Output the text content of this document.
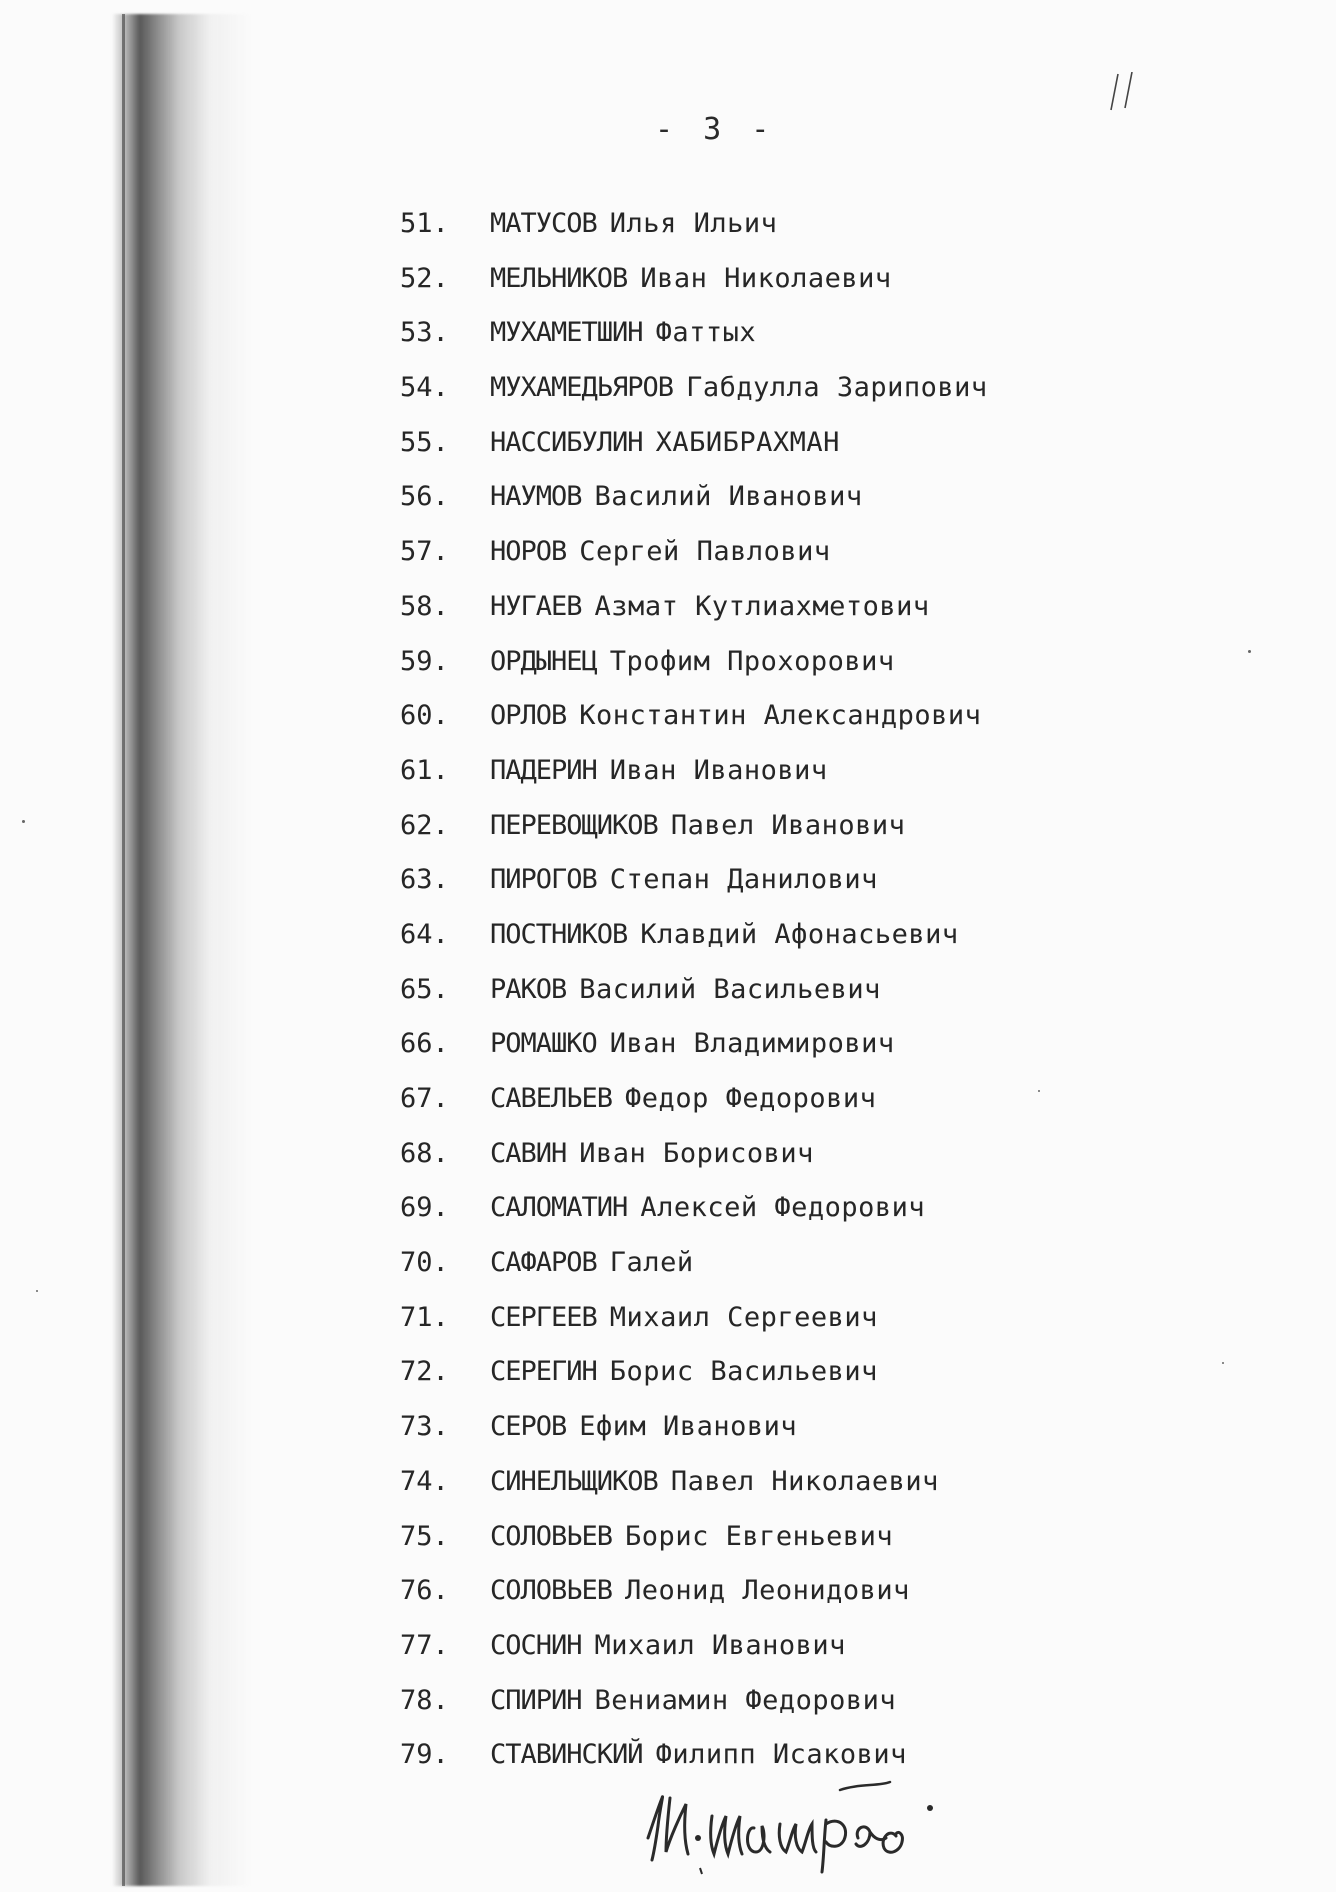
- 3 -
51.	МАТУСОВ Илья Ильич
52.	МЕЛЬНИКОВ Иван Николаевич
53.	МУХАМЕТШИН Фаттых
54.	МУХАМЕДЬЯРОВ Габдулла Зарипович
55.	НАССИБУЛИН ХАБИБРАХМАН
56.	НАУМОВ Василий Иванович
57.	НОРОВ Сергей Павлович
58.	НУГАЕВ Азмат Кутлиахметович
59.	ОРДЫНЕЦ Трофим Прохорович
60.	ОРЛОВ Константин Александрович
61.	ПАДЕРИН Иван Иванович
62.	ПЕРЕВОЩИКОВ Павел Иванович
63.	ПИРОГОВ Степан Данилович
64.	ПОСТНИКОВ Клавдий Афонасьевич
65.	РАКОВ Василий Васильевич
66.	РОМАШКО Иван Владимирович
67.	САВЕЛЬЕВ Федор Федорович
68.	САВИН Иван Борисович
69.	САЛОМАТИН Алексей Федорович
70.	САФАРОВ Галей
71.	СЕРГЕЕВ Михаил Сергеевич
72.	СЕРЕГИН Борис Васильевич
73.	СЕРОВ Ефим Иванович
74.	СИНЕЛЬЩИКОВ Павел Николаевич
75.	СОЛОВЬЕВ Борис Евгеньевич
76.	СОЛОВЬЕВ Леонид Леонидович
77.	СОСНИН Михаил Иванович
78.	СПИРИН Вениамин Федорович
79.	СТАВИНСКИЙ Филипп Исакович
